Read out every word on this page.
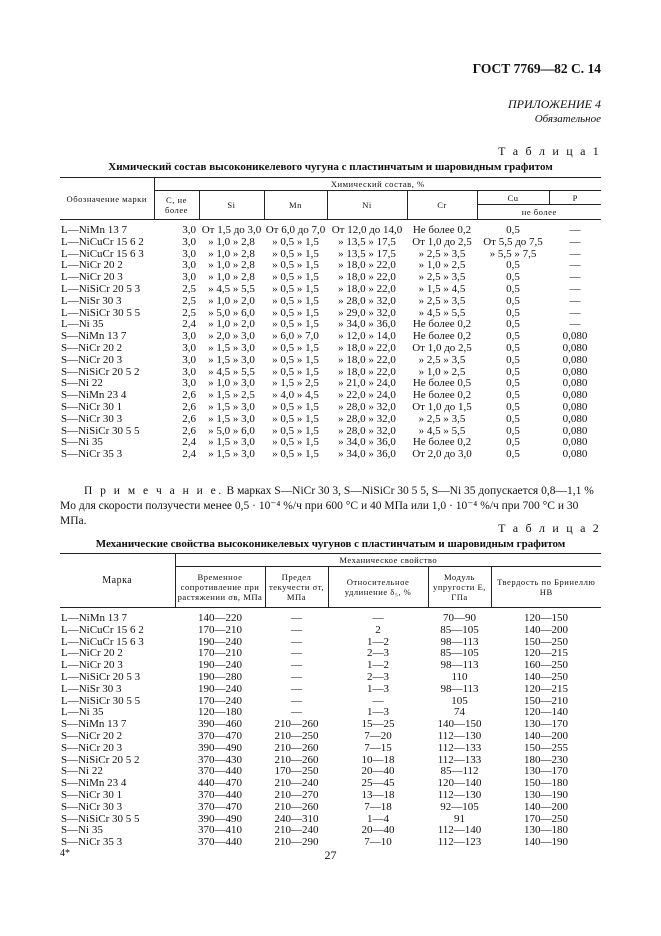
ГОСТ 7769—82 С. 14
ПРИЛОЖЕНИЕ 4
Обязательное
Т а б л и ц а 1
Химический состав высоконикелевого чугуна с пластинчатым и шаровидным графитом
Обозначение марки	Химический состав, %						
	С, не более	Si	Mn	Ni	Cr	Cu	P
						не более	
L—NiMn 13 7	3,0	От 1,5 до 3,0	От 6,0 до 7,0	От 12,0 до 14,0	Не более 0,2	0,5	—
L—NiCuCr 15 6 2	3,0	» 1,0 » 2,8	» 0,5 » 1,5	» 13,5 » 17,5	От 1,0 до 2,5	От 5,5 до 7,5	—
L—NiCuCr 15 6 3	3,0	» 1,0 » 2,8	» 0,5 » 1,5	» 13,5 » 17,5	» 2,5 » 3,5	» 5,5 » 7,5	—
L—NiCr 20 2	3,0	» 1,0 » 2,8	» 0,5 » 1,5	» 18,0 » 22,0	» 1,0 » 2,5	0,5	—
L—NiCr 20 3	3,0	» 1,0 » 2,8	» 0,5 » 1,5	» 18,0 » 22,0	» 2,5 » 3,5	0,5	—
L—NiSiCr 20 5 3	2,5	» 4,5 » 5,5	» 0,5 » 1,5	» 18,0 » 22,0	» 1,5 » 4,5	0,5	—
L—NiSr 30 3	2,5	» 1,0 » 2,0	» 0,5 » 1,5	» 28,0 » 32,0	» 2,5 » 3,5	0,5	—
L—NiSiCr 30 5 5	2,5	» 5,0 » 6,0	» 0,5 » 1,5	» 29,0 » 32,0	» 4,5 » 5,5	0,5	—
L—Ni 35	2,4	» 1,0 » 2,0	» 0,5 » 1,5	» 34,0 » 36,0	Не более 0,2	0,5	—
S—NiMn 13 7	3,0	» 2,0 » 3,0	» 6,0 » 7,0	» 12,0 » 14,0	Не более 0,2	0,5	0,080
S—NiCr 20 2	3,0	» 1,5 » 3,0	» 0,5 » 1,5	» 18,0 » 22,0	От 1,0 до 2,5	0,5	0,080
S—NiCr 20 3	3,0	» 1,5 » 3,0	» 0,5 » 1,5	» 18,0 » 22,0	» 2,5 » 3,5	0,5	0,080
S—NiSiCr 20 5 2	3,0	» 4,5 » 5,5	» 0,5 » 1,5	» 18,0 » 22,0	» 1,0 » 2,5	0,5	0,080
S—Ni 22	3,0	» 1,0 » 3,0	» 1,5 » 2,5	» 21,0 » 24,0	Не более 0,5	0,5	0,080
S—NiMn 23 4	2,6	» 1,5 » 2,5	» 4,0 » 4,5	» 22,0 » 24,0	Не более 0,2	0,5	0,080
S—NiCr 30 1	2,6	» 1,5 » 3,0	» 0,5 » 1,5	» 28,0 » 32,0	От 1,0 до 1,5	0,5	0,080
S—NiCr 30 3	2,6	» 1,5 » 3,0	» 0,5 » 1,5	» 28,0 » 32,0	» 2,5 » 3,5	0,5	0,080
S—NiSiCr 30 5 5	2,6	» 5,0 » 6,0	» 0,5 » 1,5	» 28,0 » 32,0	» 4,5 » 5,5	0,5	0,080
S—Ni 35	2,4	» 1,5 » 3,0	» 0,5 » 1,5	» 34,0 » 36,0	Не более 0,2	0,5	0,080
S—NiCr 35 3	2,4	» 1,5 » 3,0	» 0,5 » 1,5	» 34,0 » 36,0	От 2,0 до 3,0	0,5	0,080
П р и м е ч а н и е. В марках S—NiCr 30 3, S—NiSiCr 30 5 5, S—Ni 35 допускается 0,8—1,1 % Mo для скорости ползучести менее 0,5 · 10⁻⁴ %/ч при 600 °С и 40 МПа или 1,0 · 10⁻⁴ %/ч при 700 °С и 30 МПа.	Т а б л и ц а 2
Механические свойства высоконикелевых чугунов с пластинчатым и шаровидным графитом
Марка	Механическое свойство				
	Временное сопротивление при растяжении σв, МПа	Предел текучести σт, МПа	Относительное удлинение δ₅, %	Модуль упругости Е, ГПа	Твердость по Бринеллю НВ
L—NiMn 13 7	140—220	—	—	70—90	120—150
L—NiCuCr 15 6 2	170—210	—	2	85—105	140—200
L—NiCuCr 15 6 3	190—240	—	1—2	98—113	150—250
L—NiCr 20 2	170—210	—	2—3	85—105	120—215
L—NiCr 20 3	190—240	—	1—2	98—113	160—250
L—NiSiCr 20 5 3	190—280	—	2—3	110	140—250
L—NiSr 30 3	190—240	—	1—3	98—113	120—215
L—NiSiCr 30 5 5	170—240	—	—	105	150—210
L—Ni 35	120—180	—	1—3	74	120—140
S—NiMn 13 7	390—460	210—260	15—25	140—150	130—170
S—NiCr 20 2	370—470	210—250	7—20	112—130	140—200
S—NiCr 20 3	390—490	210—260	7—15	112—133	150—255
S—NiSiCr 20 5 2	370—430	210—260	10—18	112—133	180—230
S—Ni 22	370—440	170—250	20—40	85—112	130—170
S—NiMn 23 4	440—470	210—240	25—45	120—140	150—180
S—NiCr 30 1	370—440	210—270	13—18	112—130	130—190
S—NiCr 30 3	370—470	210—260	7—18	92—105	140—200
S—NiSiCr 30 5 5	390—490	240—310	1—4	91	170—250
S—Ni 35	370—410	210—240	20—40	112—140	130—180
S—NiCr 35 3	370—440	210—290	7—10	112—123	140—190
4*	27
